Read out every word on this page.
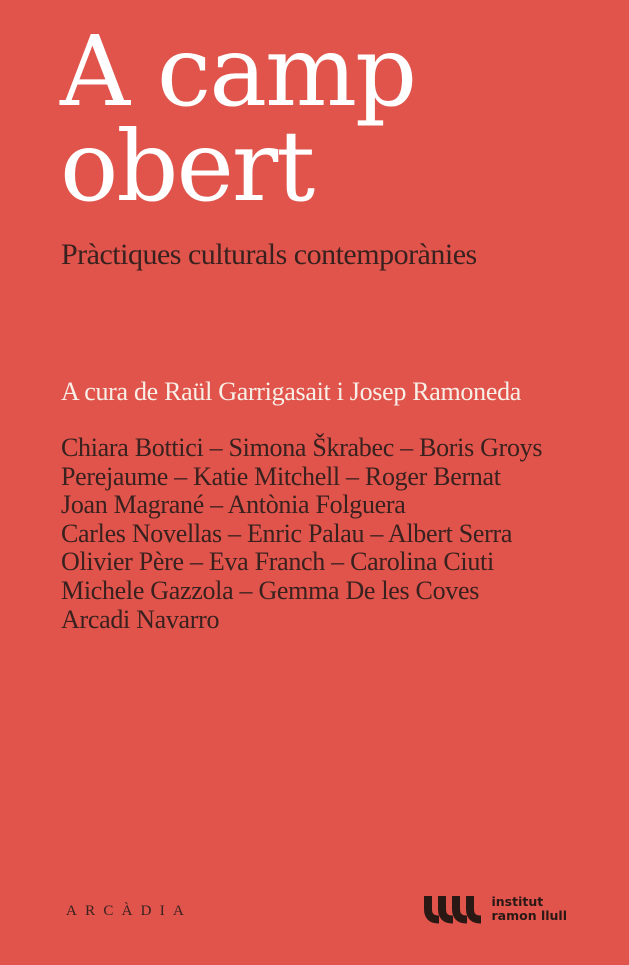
A camp
obert
Pràctiques culturals contemporànies
A cura de Raül Garrigasait i Josep Ramoneda
Chiara Bottici – Simona Škrabec – Boris Groys
Perejaume – Katie Mitchell – Roger Bernat
Joan Magrané – Antònia Folguera
Carles Novellas – Enric Palau – Albert Serra
Olivier Père – Eva Franch – Carolina Ciuti
Michele Gazzola – Gemma De les Coves
Arcadi Navarro
ARCÀDIA
institut
ramon llull
